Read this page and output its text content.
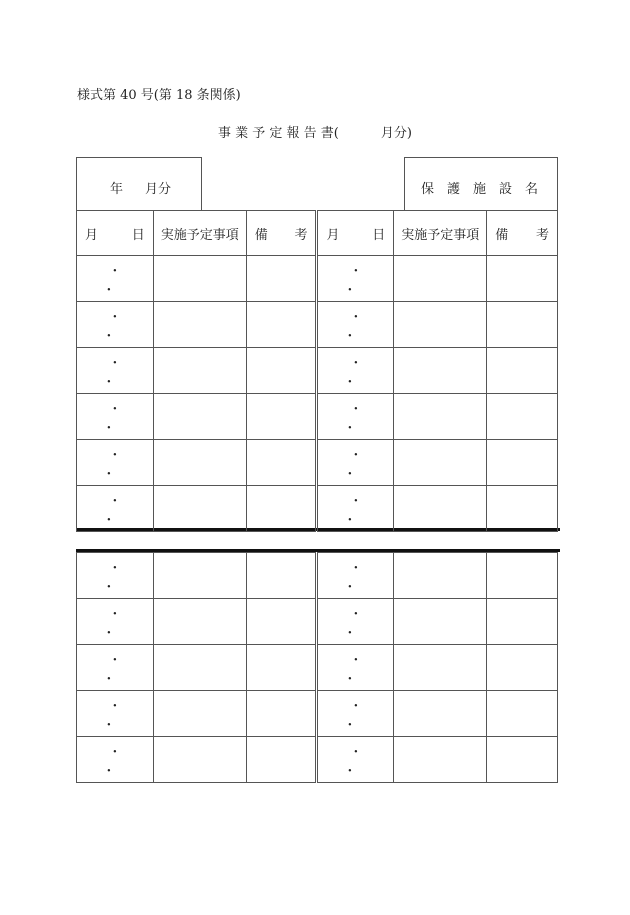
様式第 40 号(第 18 条関係)
事 業 予 定 報 告 書(	月分)
年 月分	保　護　施　設　名
月 日	実施予定事項	備 考	月 日	実施予定事項	備 考

・ ・			・ ・		
・ ・			・ ・		
・ ・			・ ・		
・ ・			・ ・		
・ ・			・ ・		
・ ・			・ ・		
・ ・			・ ・		
・ ・			・ ・		
・ ・			・ ・		
・ ・			・ ・		
・ ・			・ ・		
